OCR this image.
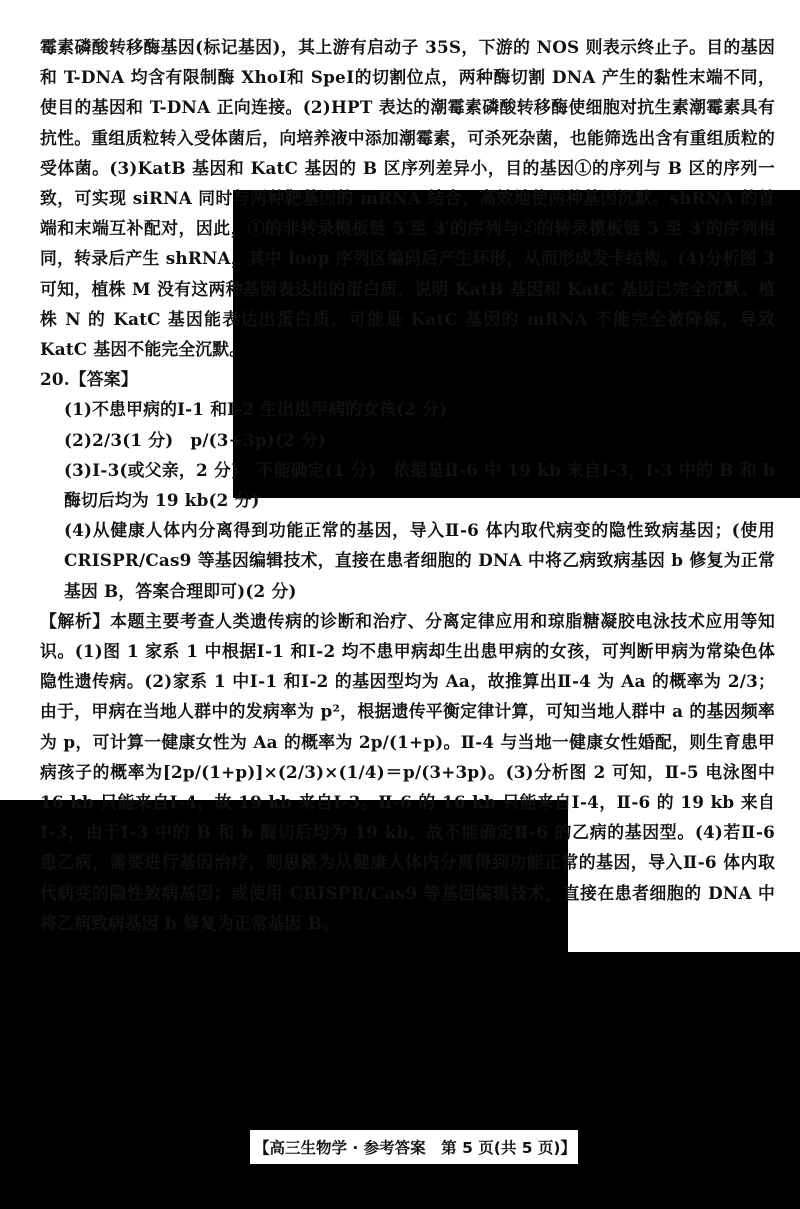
霉素磷酸转移酶基因(标记基因)，其上游有启动子 35S，下游的 NOS 则表示终止子。目的基因和 T-DNA 均含有限制酶 XhoⅠ和 SpeⅠ的切割位点，两种酶切割 DNA 产生的黏性末端不同，使目的基因和 T-DNA 正向连接。(2)HPT 表达的潮霉素磷酸转移酶使细胞对抗生素潮霉素具有抗性。重组质粒转入受体菌后，向培养液中添加潮霉素，可杀死杂菌，也能筛选出含有重组质粒的受体菌。(3)KatB 基因和 KatC 基因的 B 区序列差异小，目的基因①的序列与 B 区的序列一致，可实现 siRNA 同时与两种靶基因的 mRNA 结合，高效地使两种基因沉默。shRNA 的首端和末端互补配对，因此，①的非转录模板链 5′至 3′的序列与②的转录模板链 5 至 3′的序列相同，转录后产生 shRNA，其中 loop 序列区编码后产生环形，从而形成发卡结构。(4)分析图 3 可知，植株 M 没有这两种基因表达出的蛋白质，说明 KatB 基因和 KatC 基因已完全沉默。植株 N 的 KatC 基因能表达出蛋白质，可能是 KatC 基因的 mRNA 不能完全被降解，导致 KatC 基因不能完全沉默。

20.【答案】

(1)不患甲病的Ⅰ-1 和Ⅰ-2 生出患甲病的女孩(2 分)

(2)2/3(1 分)　p/(3+3p)(2 分)

(3)Ⅰ-3(或父亲，2 分)　不能确定(1 分)　依据是Ⅱ-6 中 19 kb 来自Ⅰ-3，Ⅰ-3 中的 B 和 b 酶切后均为 19 kb(2 分)

(4)从健康人体内分离得到功能正常的基因，导入Ⅱ-6 体内取代病变的隐性致病基因；(使用 CRISPR/Cas9 等基因编辑技术，直接在患者细胞的 DNA 中将乙病致病基因 b 修复为正常基因 B，答案合理即可)(2 分)

【解析】本题主要考查人类遗传病的诊断和治疗、分离定律应用和琼脂糖凝胶电泳技术应用等知识。(1)图 1 家系 1 中根据Ⅰ-1 和Ⅰ-2 均不患甲病却生出患甲病的女孩，可判断甲病为常染色体隐性遗传病。(2)家系 1 中Ⅰ-1 和Ⅰ-2 的基因型均为 Aa，故推算出Ⅱ-4 为 Aa 的概率为 2/3；由于，甲病在当地人群中的发病率为 p²，根据遗传平衡定律计算，可知当地人群中 a 的基因频率为 p，可计算一健康女性为 Aa 的概率为 2p/(1+p)。Ⅱ-4 与当地一健康女性婚配，则生育患甲病孩子的概率为[2p/(1+p)]×(2/3)×(1/4)＝p/(3+3p)。(3)分析图 2 可知，Ⅱ-5 电泳图中 16 kb 只能来自Ⅰ-4，故 19 kb 来自Ⅰ-3。Ⅱ-6 的 16 kb 只能来自Ⅰ-4，Ⅱ-6 的 19 kb 来自Ⅰ-3，由于Ⅰ-3 中的 B 和 b 酶切后均为 19 kb，故不能确定Ⅱ-6 的乙病的基因型。(4)若Ⅱ-6 患乙病，需要进行基因治疗，则思路为从健康人体内分离得到功能正常的基因，导入Ⅱ-6 体内取代病变的隐性致病基因；或使用 CRISPR/Cas9 等基因编辑技术，直接在患者细胞的 DNA 中将乙病致病基因 b 修复为正常基因 B。

【高三生物学 · 参考答案　第 5 页(共 5 页)】
